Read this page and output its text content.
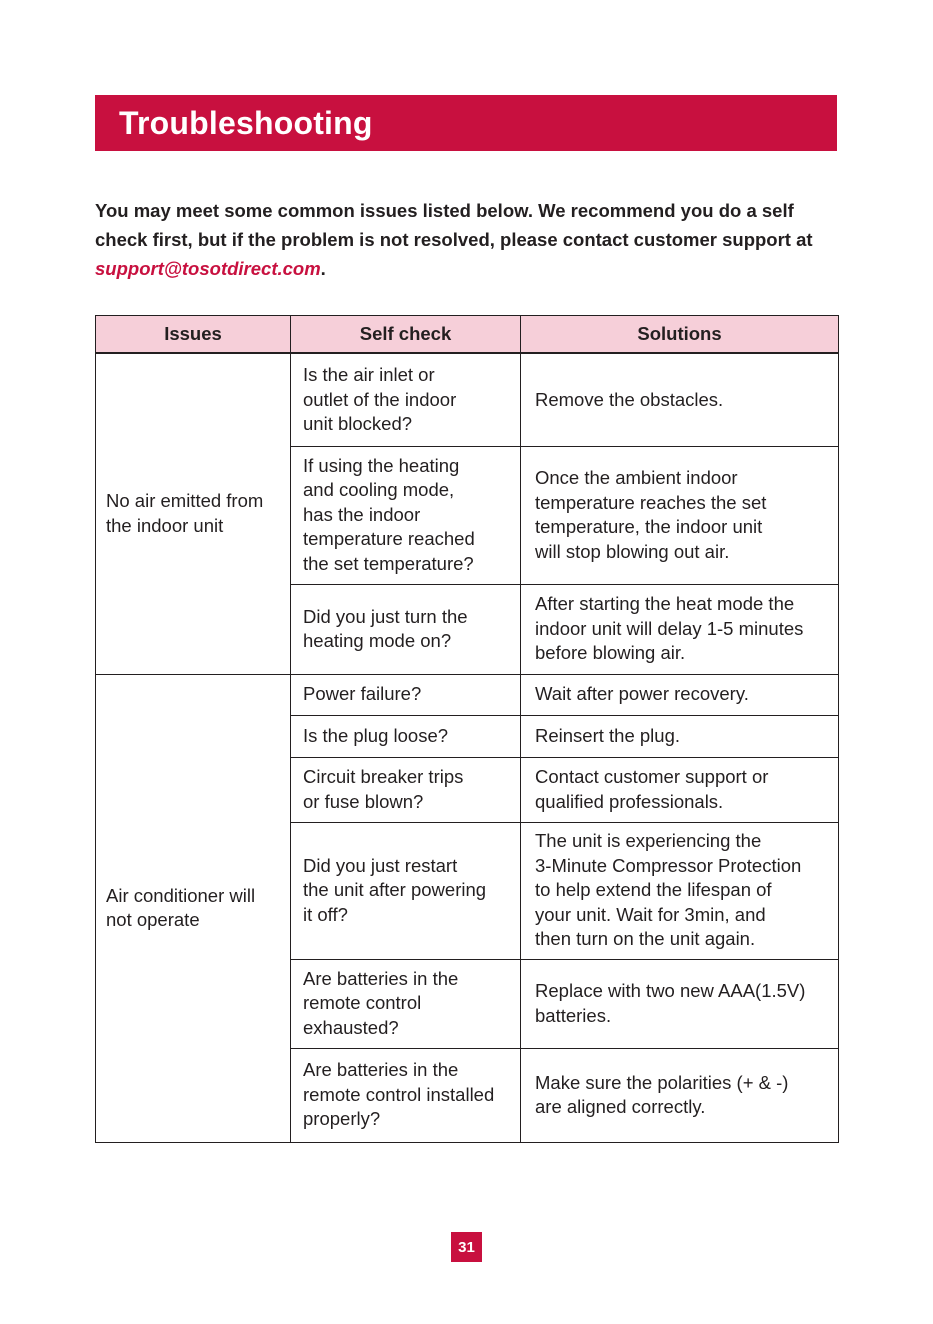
Troubleshooting

You may meet some common issues listed below. We recommend you do a self check first, but if the problem is not resolved, please contact customer support at support@tosotdirect.com.

Issues	Self check	Solutions
No air emitted from
the indoor unit	Is the air inlet or
outlet of the indoor
unit blocked?	Remove the obstacles.
	If using the heating
and cooling mode,
has the indoor
temperature reached
the set temperature?	Once the ambient indoor
temperature reaches the set
temperature, the indoor unit
will stop blowing out air.
	Did you just turn the
heating mode on?	After starting the heat mode the
indoor unit will delay 1-5 minutes
before blowing air.
Air conditioner will
not operate	Power failure?	Wait after power recovery.
	Is the plug loose?	Reinsert the plug.
	Circuit breaker trips
or fuse blown?	Contact customer support or
qualified professionals.
	Did you just restart
the unit after powering
it off?	The unit is experiencing the
3-Minute Compressor Protection
to help extend the lifespan of
your unit. Wait for 3min, and
then turn on the unit again.
	Are batteries in the
remote control
exhausted?	Replace with two new AAA(1.5V)
batteries.
	Are batteries in the
remote control installed
properly?	Make sure the polarities (+ & -)
are aligned correctly.
31
